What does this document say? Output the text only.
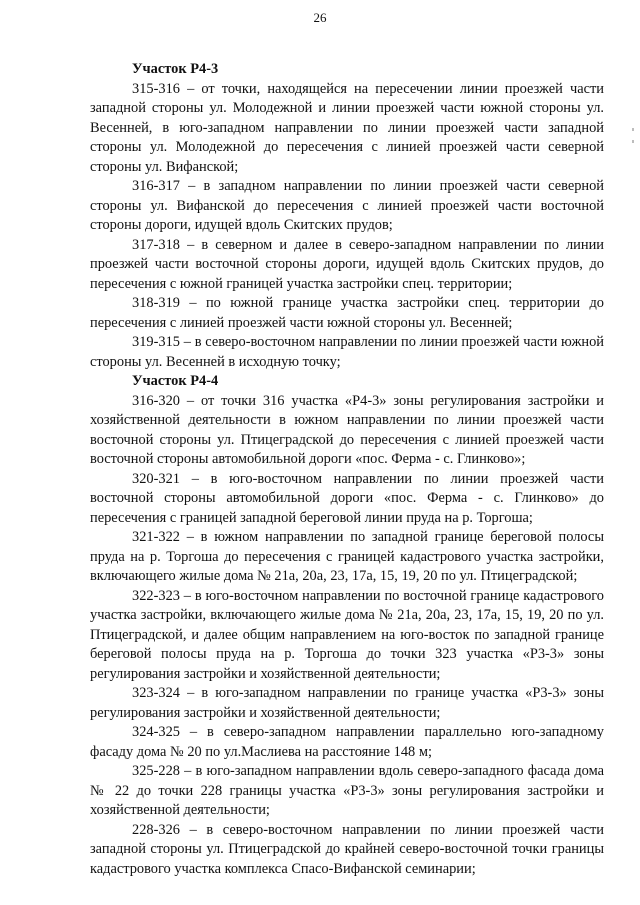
26
Участок Р4-3

315-316 – от точки, находящейся на пересечении линии проезжей части западной стороны ул. Молодежной и линии проезжей части южной стороны ул. Весенней, в юго-западном направлении по линии проезжей части западной стороны ул. Молодежной до пересечения с линией проезжей части северной стороны ул. Вифанской;

316-317 – в западном направлении по линии проезжей части северной стороны ул. Вифанской до пересечения с линией проезжей части восточной стороны дороги, идущей вдоль Скитских прудов;

317-318 – в северном и далее в северо-западном направлении по линии проезжей части восточной стороны дороги, идущей вдоль Скитских прудов, до пересечения с южной границей участка застройки спец. территории;

318-319 – по южной границе участка застройки спец. территории до пересечения с линией проезжей части южной стороны ул. Весенней;

319-315 – в северо-восточном направлении по линии проезжей части южной стороны ул. Весенней в исходную точку;

Участок Р4-4

316-320 – от точки 316 участка «Р4-3» зоны регулирования застройки и хозяйственной деятельности в южном направлении по линии проезжей части восточной стороны ул. Птицеградской до пересечения с линией проезжей части восточной стороны автомобильной дороги «пос. Ферма - с. Глинково»;

320-321 – в юго-восточном направлении по линии проезжей части восточной стороны автомобильной дороги «пос. Ферма - с. Глинково» до пересечения с границей западной береговой линии пруда на р. Торгоша;

321-322 – в южном направлении по западной границе береговой полосы пруда на р. Торгоша до пересечения с границей кадастрового участка застройки, включающего жилые дома № 21а, 20а, 23, 17а, 15, 19, 20 по ул. Птицеградской;

322-323 – в юго-восточном направлении по восточной границе кадастрового участка застройки, включающего жилые дома № 21а, 20а, 23, 17а, 15, 19, 20 по ул. Птицеградской, и далее общим направлением на юго-восток по западной границе береговой полосы пруда на р. Торгоша до точки 323 участка «Р3-3» зоны регулирования застройки и хозяйственной деятельности;

323-324 – в юго-западном направлении по границе участка «Р3-3» зоны регулирования застройки и хозяйственной деятельности;

324-325 – в северо-западном направлении параллельно юго-западному фасаду дома № 20 по ул.Маслиева на расстояние 148 м;

325-228 – в юго-западном направлении вдоль северо-западного фасада дома № 22 до точки 228 границы участка «Р3-3» зоны регулирования застройки и хозяйственной деятельности;

228-326 – в северо-восточном направлении по линии проезжей части западной стороны ул. Птицеградской до крайней северо-восточной точки границы кадастрового участка комплекса Спасо-Вифанской семинарии;
